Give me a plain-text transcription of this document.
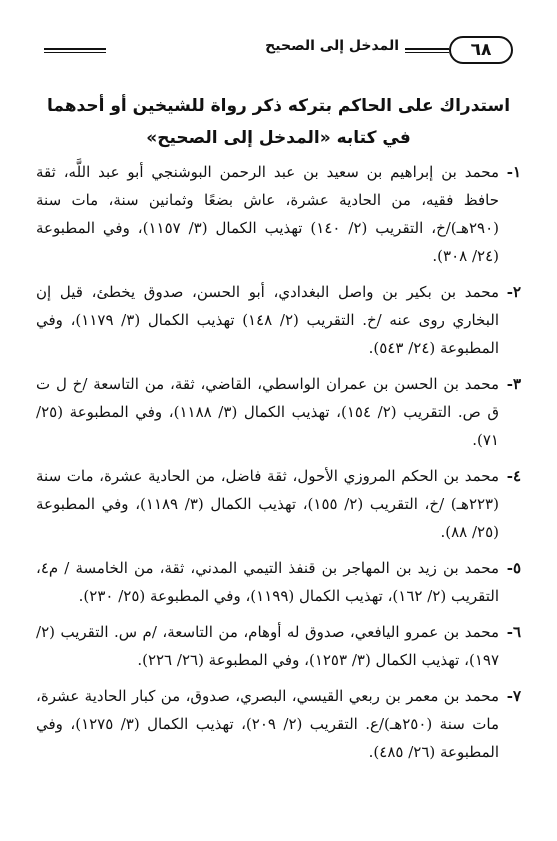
٦٨
المدخل إلى الصحيح
استدراك على الحاكم بتركه ذكر رواة للشيخين أو أحدهما
في كتابه «المدخل إلى الصحيح»
١-
محمد بن إبراهيم بن سعيد بن عبد الرحمن البوشنجي أبو عبد اللَّه، ثقة حافظ فقيه، من الحادية عشرة، عاش بضعًا وثمانين سنة، مات سنة (٢٩٠هـ)/خ، التقريب (٢/ ١٤٠) تهذيب الكمال (٣/ ١١٥٧)، وفي المطبوعة (٢٤/ ٣٠٨).
٢-
محمد بن بكير بن واصل البغدادي، أبو الحسن، صدوق يخطئ، قيل إن البخاري روى عنه /خ. التقريب (٢/ ١٤٨) تهذيب الكمال (٣/ ١١٧٩)، وفي المطبوعة (٢٤/ ٥٤٣).
٣-
محمد بن الحسن بن عمران الواسطي، القاضي، ثقة، من التاسعة /خ ل ت ق ص. التقريب (٢/ ١٥٤)، تهذيب الكمال (٣/ ١١٨٨)، وفي المطبوعة (٢٥/ ٧١).
٤-
محمد بن الحكم المروزي الأحول، ثقة فاضل، من الحادية عشرة، مات سنة (٢٢٣هـ) /خ، التقريب (٢/ ١٥٥)، تهذيب الكمال (٣/ ١١٨٩)، وفي المطبوعة (٢٥/ ٨٨).
٥-
محمد بن زيد بن المهاجر بن قنفذ التيمي المدني، ثقة، من الخامسة / م٤، التقريب (٢/ ١٦٢)، تهذيب الكمال (١١٩٩)، وفي المطبوعة (٢٥/ ٢٣٠).
٦-
محمد بن عمرو اليافعي، صدوق له أوهام، من التاسعة، /م س. التقريب (٢/ ١٩٧)، تهذيب الكمال (٣/ ١٢٥٣)، وفي المطبوعة (٢٦/ ٢٢٦).
٧-
محمد بن معمر بن ربعي القيسي، البصري، صدوق، من كبار الحادية عشرة، مات سنة (٢٥٠هـ)/ع. التقريب (٢/ ٢٠٩)، تهذيب الكمال (٣/ ١٢٧٥)، وفي المطبوعة (٢٦/ ٤٨٥).
